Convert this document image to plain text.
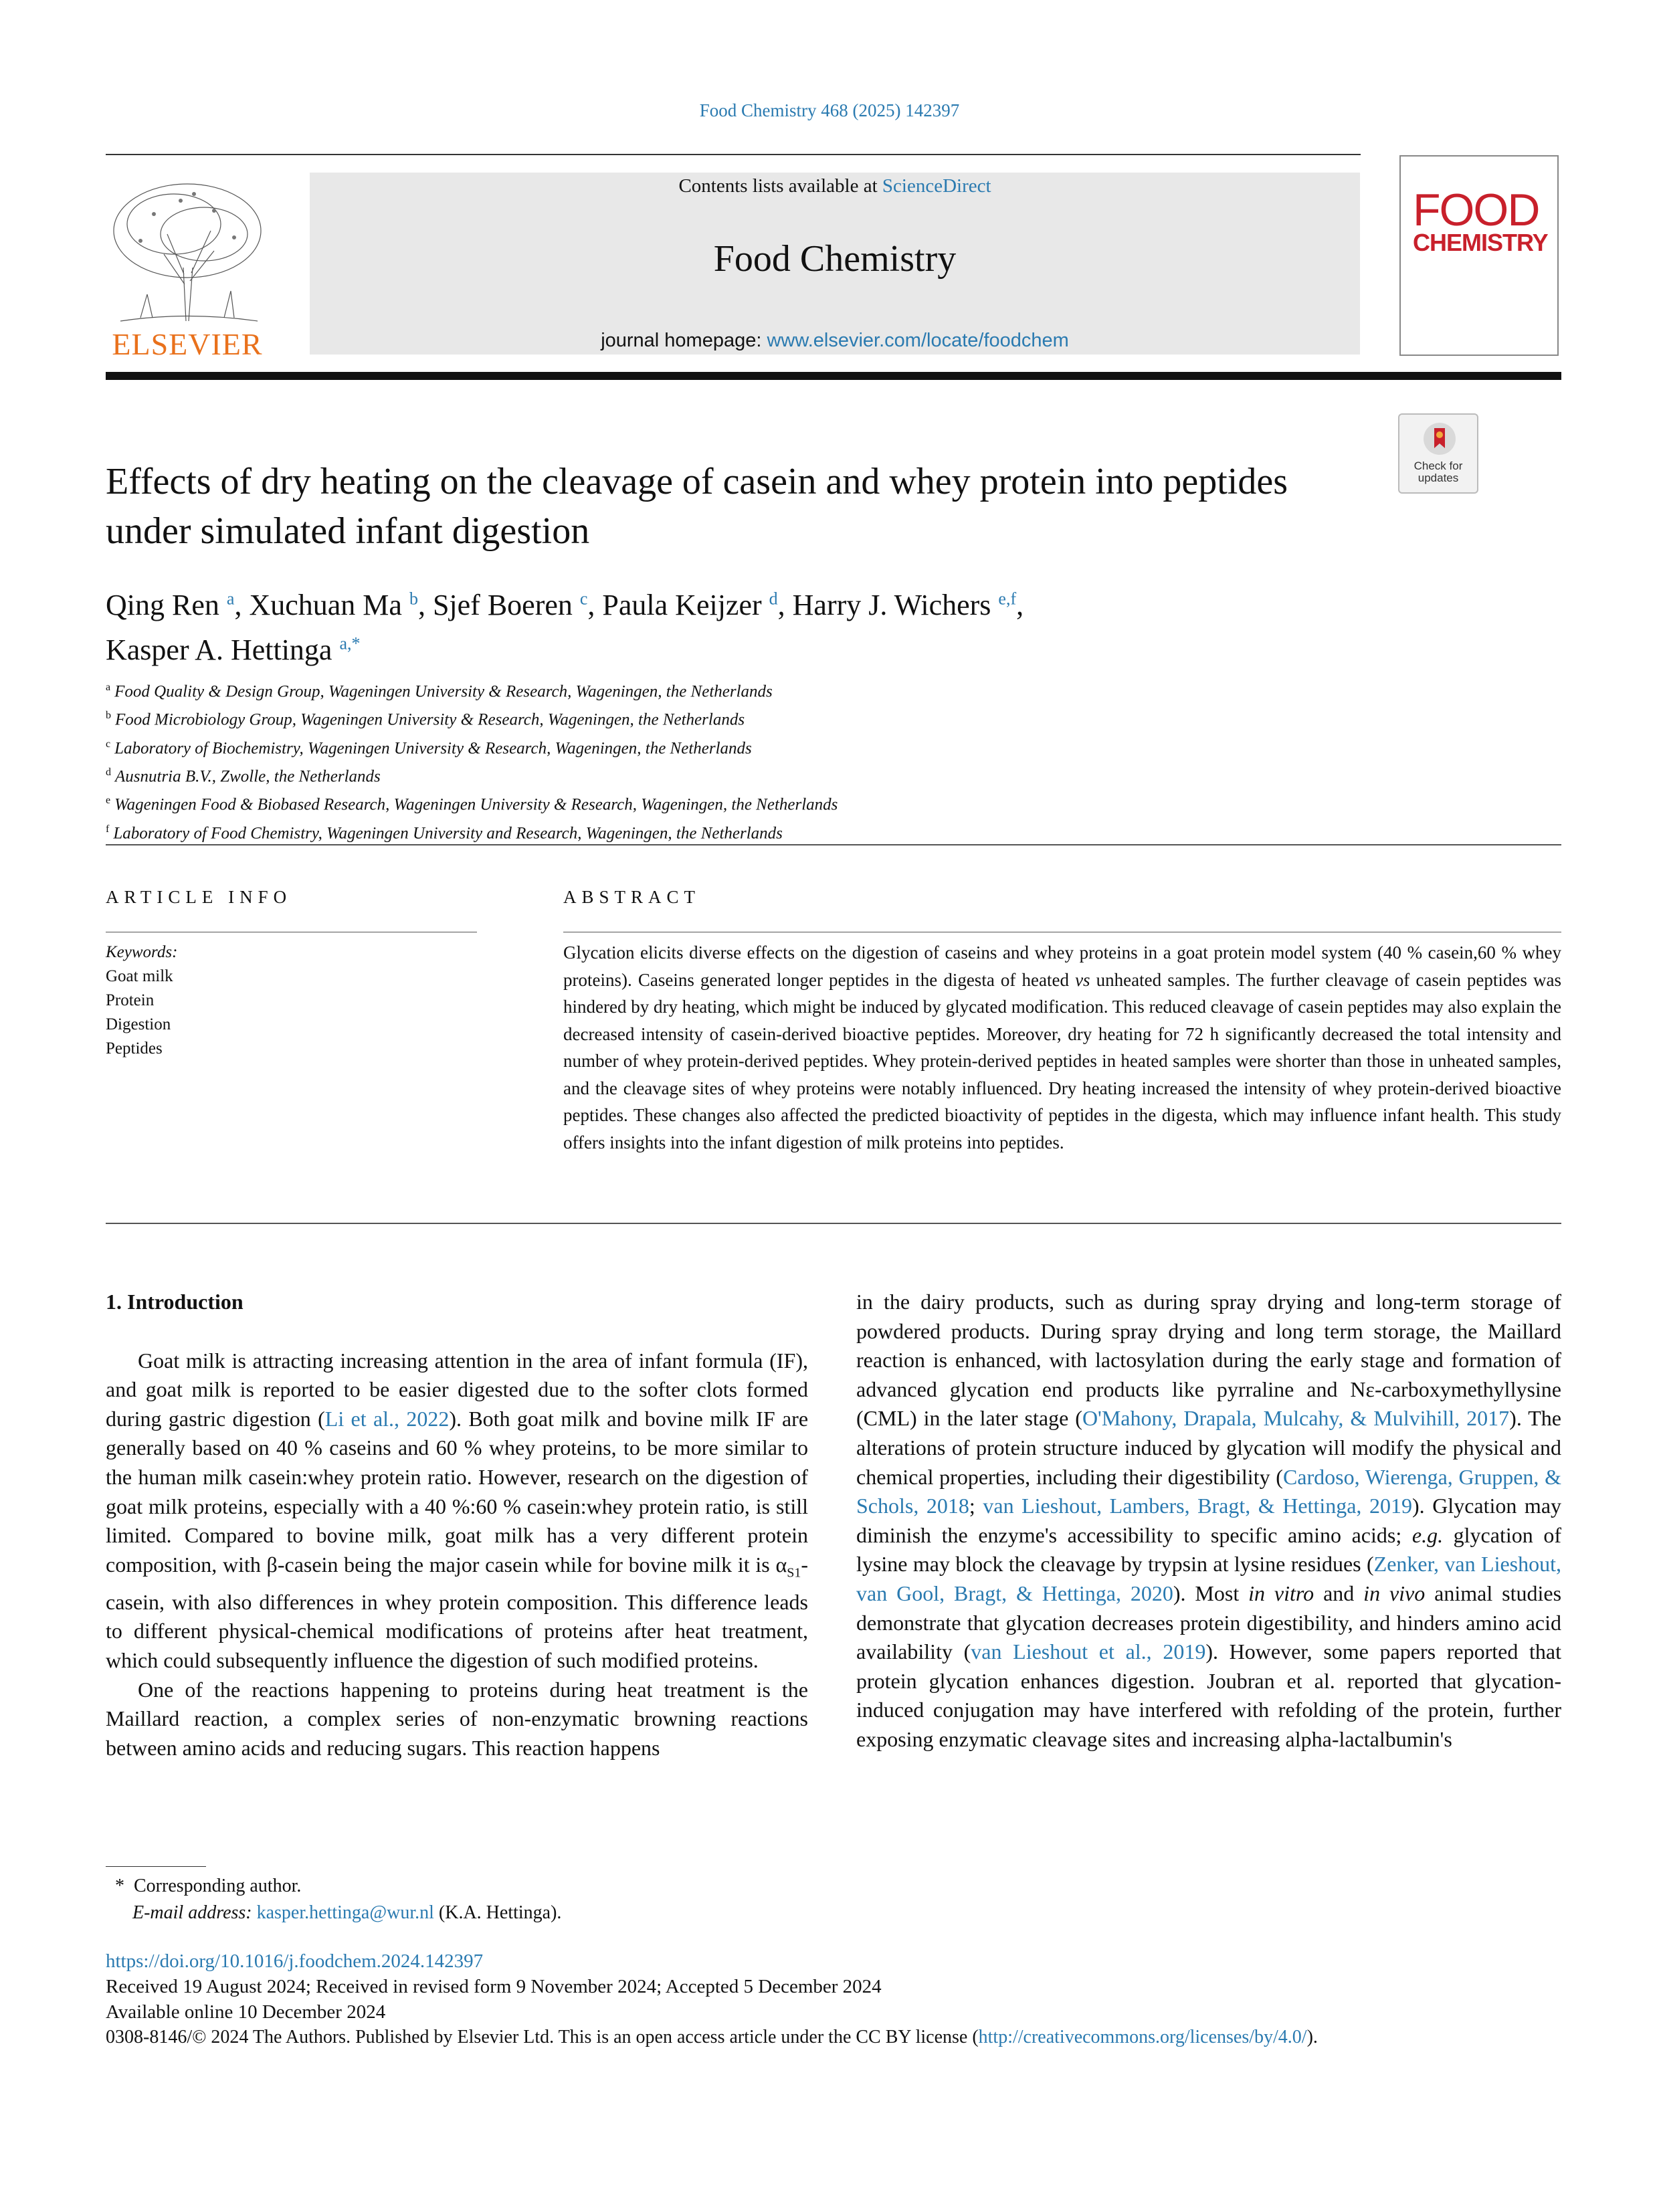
Food Chemistry 468 (2025) 142397
ELSEVIER
Contents lists available at ScienceDirect
Food Chemistry
journal homepage: www.elsevier.com/locate/foodchem
FOOD
CHEMISTRY
Check for updates
Effects of dry heating on the cleavage of casein and whey protein into peptides under simulated infant digestion
Qing Ren $^a$, Xuchuan Ma $^b$, Sjef Boeren $^c$, Paula Keijzer $^d$, Harry J. Wichers $^{e,f}$,
Kasper A. Hettinga $^{a,*}$
$^a$ Food Quality & Design Group, Wageningen University & Research, Wageningen, the Netherlands
$^b$ Food Microbiology Group, Wageningen University & Research, Wageningen, the Netherlands
$^c$ Laboratory of Biochemistry, Wageningen University & Research, Wageningen, the Netherlands
$^d$ Ausnutria B.V., Zwolle, the Netherlands
$^e$ Wageningen Food & Biobased Research, Wageningen University & Research, Wageningen, the Netherlands
$^f$ Laboratory of Food Chemistry, Wageningen University and Research, Wageningen, the Netherlands
ARTICLE INFO
Keywords:
Goat milk
Protein
Digestion
Peptides
ABSTRACT
Glycation elicits diverse effects on the digestion of caseins and whey proteins in a goat protein model system (40 % casein,60 % whey proteins). Caseins generated longer peptides in the digesta of heated vs unheated samples. The further cleavage of casein peptides was hindered by dry heating, which might be induced by glycated modification. This reduced cleavage of casein peptides may also explain the decreased intensity of casein-derived bioactive peptides. Moreover, dry heating for 72 h significantly decreased the total intensity and number of whey protein-derived peptides. Whey protein-derived peptides in heated samples were shorter than those in unheated samples, and the cleavage sites of whey proteins were notably influenced. Dry heating increased the intensity of whey protein-derived bioactive peptides. These changes also affected the predicted bioactivity of peptides in the digesta, which may influence infant health. This study offers insights into the infant digestion of milk proteins into peptides.
1. Introduction

Goat milk is attracting increasing attention in the area of infant formula (IF), and goat milk is reported to be easier digested due to the softer clots formed during gastric digestion (Li et al., 2022). Both goat milk and bovine milk IF are generally based on 40 % caseins and 60 % whey proteins, to be more similar to the human milk casein:whey protein ratio. However, research on the digestion of goat milk proteins, especially with a 40 %:60 % casein:whey protein ratio, is still limited. Compared to bovine milk, goat milk has a very different protein composition, with β-casein being the major casein while for bovine milk it is $\alpha_{S1}$-casein, with also differences in whey protein composition. This difference leads to different physical-chemical modifications of proteins after heat treatment, which could subsequently influence the digestion of such modified proteins.

One of the reactions happening to proteins during heat treatment is the Maillard reaction, a complex series of non-enzymatic browning reactions between amino acids and reducing sugars. This reaction happens

in the dairy products, such as during spray drying and long-term storage of powdered products. During spray drying and long term storage, the Maillard reaction is enhanced, with lactosylation during the early stage and formation of advanced glycation end products like pyrraline and Nε-carboxymethyllysine (CML) in the later stage (O'Mahony, Drapala, Mulcahy, & Mulvihill, 2017). The alterations of protein structure induced by glycation will modify the physical and chemical properties, including their digestibility (Cardoso, Wierenga, Gruppen, & Schols, 2018; van Lieshout, Lambers, Bragt, & Hettinga, 2019). Glycation may diminish the enzyme's accessibility to specific amino acids; e.g. glycation of lysine may block the cleavage by trypsin at lysine residues (Zenker, van Lieshout, van Gool, Bragt, & Hettinga, 2020). Most in vitro and in vivo animal studies demonstrate that glycation decreases protein digestibility, and hinders amino acid availability (van Lieshout et al., 2019). However, some papers reported that protein glycation enhances digestion. Joubran et al. reported that glycation-induced conjugation may have interfered with refolding of the protein, further exposing enzymatic cleavage sites and increasing alpha-lactalbumin's

* Corresponding author.
E-mail address: kasper.hettinga@wur.nl (K.A. Hettinga).
https://doi.org/10.1016/j.foodchem.2024.142397
Received 19 August 2024; Received in revised form 9 November 2024; Accepted 5 December 2024
Available online 10 December 2024
0308-8146/© 2024 The Authors. Published by Elsevier Ltd. This is an open access article under the CC BY license (http://creativecommons.org/licenses/by/4.0/).
